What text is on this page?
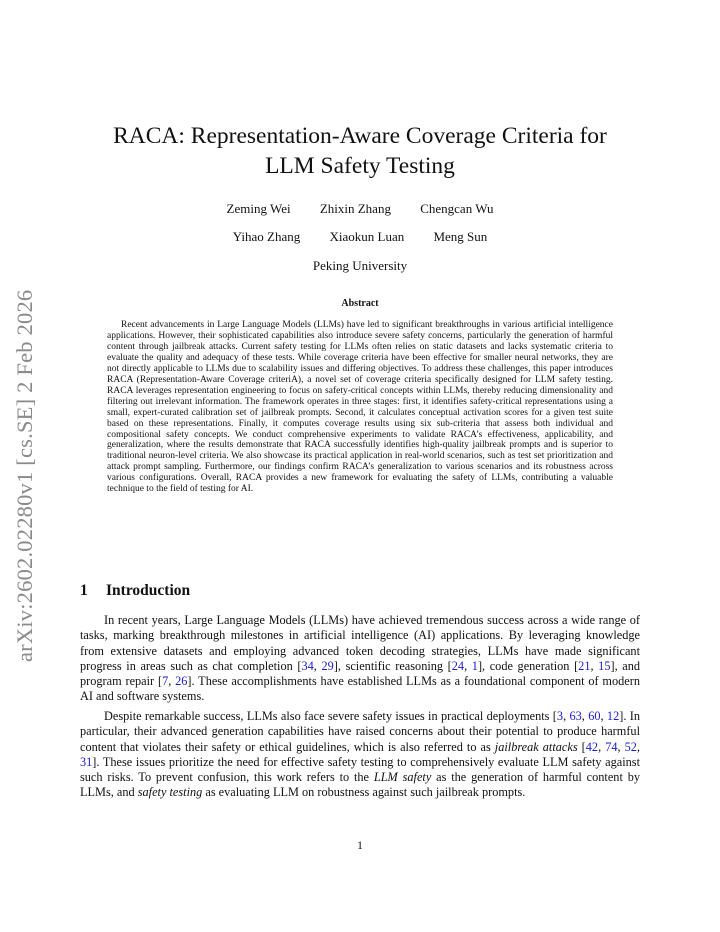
arXiv:2602.02280v1 [cs.SE] 2 Feb 2026
RACA: Representation-Aware Coverage Criteria for
LLM Safety Testing
Zeming Wei Zhixin Zhang Chengcan Wu
Yihao Zhang Xiaokun Luan Meng Sun
Peking University
Abstract

Recent advancements in Large Language Models (LLMs) have led to significant breakthroughs in various artificial intelligence applications. However, their sophisticated capabilities also introduce severe safety concerns, particularly the generation of harmful content through jailbreak attacks. Current safety testing for LLMs often relies on static datasets and lacks systematic criteria to evaluate the quality and adequacy of these tests. While coverage criteria have been effective for smaller neural networks, they are not directly applicable to LLMs due to scalability issues and differing objectives. To address these challenges, this paper introduces RACA (Representation-Aware Coverage criteriA), a novel set of coverage criteria specifically designed for LLM safety testing. RACA leverages representation engineering to focus on safety-critical concepts within LLMs, thereby reducing dimensionality and filtering out irrelevant information. The framework operates in three stages: first, it identifies safety-critical representations using a small, expert-curated calibration set of jailbreak prompts. Second, it calculates conceptual activation scores for a given test suite based on these representations. Finally, it computes coverage results using six sub-criteria that assess both individual and compositional safety concepts. We conduct comprehensive experiments to validate RACA’s effectiveness, applicability, and generalization, where the results demonstrate that RACA successfully identifies high-quality jailbreak prompts and is superior to traditional neuron-level criteria. We also showcase its practical application in real-world scenarios, such as test set prioritization and attack prompt sampling. Furthermore, our findings confirm RACA’s generalization to various scenarios and its robustness across various configurations. Overall, RACA provides a new framework for evaluating the safety of LLMs, contributing a valuable technique to the field of testing for AI.

1 Introduction

In recent years, Large Language Models (LLMs) have achieved tremendous success across a wide range of tasks, marking breakthrough milestones in artificial intelligence (AI) applications. By leveraging knowledge from extensive datasets and employing advanced token decoding strategies, LLMs have made significant progress in areas such as chat completion [34, 29], scientific reasoning [24, 1], code generation [21, 15], and program repair [7, 26]. These accomplishments have established LLMs as a foundational component of modern AI and software systems.

Despite remarkable success, LLMs also face severe safety issues in practical deployments [3, 63, 60, 12]. In particular, their advanced generation capabilities have raised concerns about their potential to produce harmful content that violates their safety or ethical guidelines, which is also referred to as jailbreak attacks [42, 74, 52, 31]. These issues prioritize the need for effective safety testing to comprehensively evaluate LLM safety against such risks. To prevent confusion, this work refers to the LLM safety as the generation of harmful content by LLMs, and safety testing as evaluating LLM on robustness against such jailbreak prompts.

1
